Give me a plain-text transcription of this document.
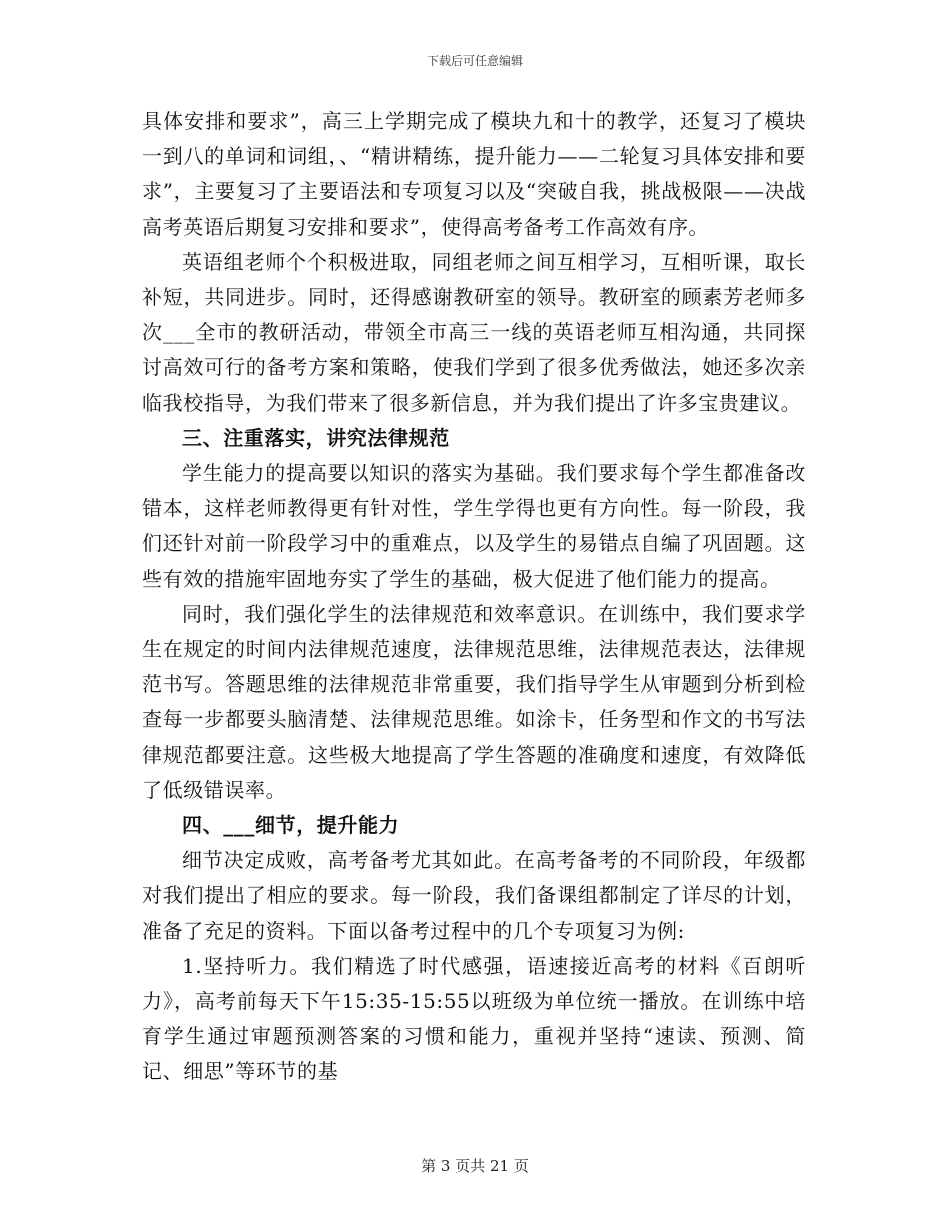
下载后可任意编辑

具体安排和要求”，高三上学期完成了模块九和十的教学，还复习了模块一到八的单词和词组，、“精讲精练，提升能力——二轮复习具体安排和要求”，主要复习了主要语法和专项复习以及“突破自我，挑战极限——决战高考英语后期复习安排和要求”，使得高考备考工作高效有序。

英语组老师个个积极进取，同组老师之间互相学习，互相听课，取长补短，共同进步。同时，还得感谢教研室的领导。教研室的顾素芳老师多次___全市的教研活动，带领全市高三一线的英语老师互相沟通，共同探讨高效可行的备考方案和策略，使我们学到了很多优秀做法，她还多次亲临我校指导，为我们带来了很多新信息，并为我们提出了许多宝贵建议。

三、注重落实，讲究法律规范

学生能力的提高要以知识的落实为基础。我们要求每个学生都准备改错本，这样老师教得更有针对性，学生学得也更有方向性。每一阶段，我们还针对前一阶段学习中的重难点，以及学生的易错点自编了巩固题。这些有效的措施牢固地夯实了学生的基础，极大促进了他们能力的提高。

同时，我们强化学生的法律规范和效率意识。在训练中，我们要求学生在规定的时间内法律规范速度，法律规范思维，法律规范表达，法律规范书写。答题思维的法律规范非常重要，我们指导学生从审题到分析到检查每一步都要头脑清楚、法律规范思维。如涂卡，任务型和作文的书写法律规范都要注意。这些极大地提高了学生答题的准确度和速度，有效降低了低级错误率。

四、___细节，提升能力

细节决定成败，高考备考尤其如此。在高考备考的不同阶段，年级都对我们提出了相应的要求。每一阶段，我们备课组都制定了详尽的计划，准备了充足的资料。下面以备考过程中的几个专项复习为例:

1.坚持听力。我们精选了时代感强，语速接近高考的材料《百朗听力》，高考前每天下午15:35-15:55以班级为单位统一播放。在训练中培育学生通过审题预测答案的习惯和能力，重视并坚持“速读、预测、简记、细思”等环节的基

第 3 页共 21 页
